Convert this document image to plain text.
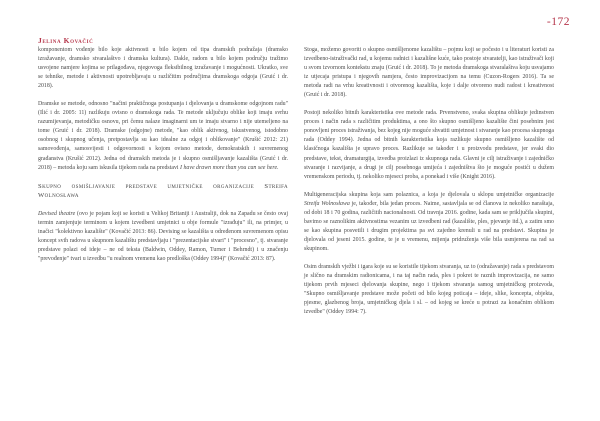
-172
Jelina Kovačić

komponentom vođenje bilo koje aktivnosti u bilo kojem od tipa dramskih podražaja (dramsko izražavanje, dramsko stvaralaštvo i dramska kultura). Dakle, radom u bilo kojem području tražimo usvojene namjere kojima se prilagođava, njegovoga fleksibilnog izražavanje i mogućnosti. Ukratko, sve se tehnike, metode i aktivnosti upotrebljavaju u različitim područjima dramskoga odgoja (Gruić i dr. 2018).

Dramske se metode, odnosno "načini praktičnoga postupanja i djelovanja u dramskome odgojnom radu" (Ilić i dr. 2005: 11) razlikuju ovisno o dramskoga rada. Te metode uključuju oblike koji imaju svrhu razumijevanja, metodičku osnovu, pri čemu nalaze imaginarni um te imaju stvarno i nije utemeljeno na tome (Gruić i dr. 2018). Dramske (odgojne) metode, "kao oblik aktivnog, iskustvenog, istodobno osobnog i skupnog učenja, pretpostavlja su kao idealne za odgoj i oblikovanje" (Krušić 2012: 21) samovođenja, samosvijesti i odgovornosti s kojom ovisno metode, demokratskih i suvremenog građanstva (Krušić 2012). Jedna od dramskih metoda je i skupno osmišljavanje kazališta (Gruić i dr. 2018) – metoda koju sam iskusila tijekom rada na predstavi I have drawn more than you can see here.

Skupno osmišljavanje predstave umjetničke organizacije Streifa Wolnosława

Devised theatre (ovo je pojam koji se koristi u Velikoj Britaniji i Australiji, dok na Zapadu se često ovaj termin zamjenjuje terminom u kojem izvedbeni umjetnici u obje formule "izrađuju" ili, na primjer, u inačici "kolektivno kazalište" (Kovačić 2013: 86). Devising se kazališta u određenom suvremenom opisu koncept svih radova u skupnom kazalištu predstavljaju i "prezentacijske stvari" i "procesno", tj. stvaranje predstave polazi od ideje – ne od teksta (Baldwin, Oddey, Ramon, Turner i Behrndt) i u značenju "prevođenje" tvari u izvedbu "u realnom vremenu kao predloška (Oddey 1994)" (Kovačić 2013: 87).

Stoga, možemo govoriti o skupno osmišljenome kazalištu – pojmu koji se počesto i u literaturi koristi za izvedbeno-istraživački rad, u kojemu radnici i kazališne kuće, tako postoje stvaratelji, kao istraživači koji u svom izvornom kontekstu znaju (Gruić i dr. 2018). To je metoda dramskoga stvaralaštva koju usvajamo iz utjecaja pristupa i njegovih namjera, često improvizacijom na temu (Cuzon-Rogers 2016). Ta se metoda radi na vrhu kreativnosti i otvorenog kazališta, koje i dalje otvoreno nudi radost i kreativnost (Gruić i dr. 2018).

Postoji nekoliko bitnih karakteristika ove metode rada. Prvenstveno, svaka skupina oblikuje jedinstven proces i način rada s različitim produktima, a ono što skupno osmišljeno kazalište čini posebnim jest ponovljeni proces istraživanja, bez kojeg nije moguće shvatiti umjetnost i stvaranje kao procesa skupnoga rada (Oddey 1994). Jedna od bitnih karakteristika koja razlikuje skupno osmišljeno kazalište od klasičnoga kazališta je upravo proces. Razlikuje se također i u proizvodu predstave, jer svaki dio predstave, tekst, dramaturgija, izvedba proizlazi iz skupnoga rada. Glavni je cilj istraživanje i zajedničko stvaranje i razvijanje, a drugi je cilj posebnoga umijeća i zajedništva što je moguće postići u dužem vremenskom periodu, tj. nekoliko mjeseci proba, a ponekad i više (Knight 2016).

Multigeneracijska skupina koja sam polaznica, a koja je djelovala u sklopu umjetničke organizacije Streifa Wolnosława je, također, bila jedan proces. Naime, sastavljala se od članova iz nekoliko naraštaja, od dobi 18 i 70 godina, različitih nacionalnosti. Od travnja 2016. godine, kada sam se priključila skupini, bavimo se raznolikim aktivnostima vezanim uz izvedbeni rad (kazalište, ples, pjevanje itd.), a zatim smo se kao skupina posvetili i drugim projektima pa svi zajedno krenuli u rad na predstavi. Skupina je djelovala od jeseni 2015. godine, te je u vremenu, mijenja pridruženja više bila usmjerena na rad sa skupinom.

Osim dramskih vježbi i igara koje su se koristile tijekom stvaranja, uz to (odražavanje) rada s predstavom je slično na dramskim radionicama, i na taj način rada, ples i pokret te raznih improvizacija, ne samo tijekom prvih mjeseci djelovanja skupine, nego i tijekom stvaranja samog umjetničkog proizvoda, "Skupno osmišljavanje predstave može početi od bilo kojeg poticaja – ideje, slike, koncepta, objekta, pjesme, glazbenog broja, umjetničkog djela i sl. – od kojeg se kreće u potrazi za konačnim oblikom izvedbe" (Oddey 1994: 7).
